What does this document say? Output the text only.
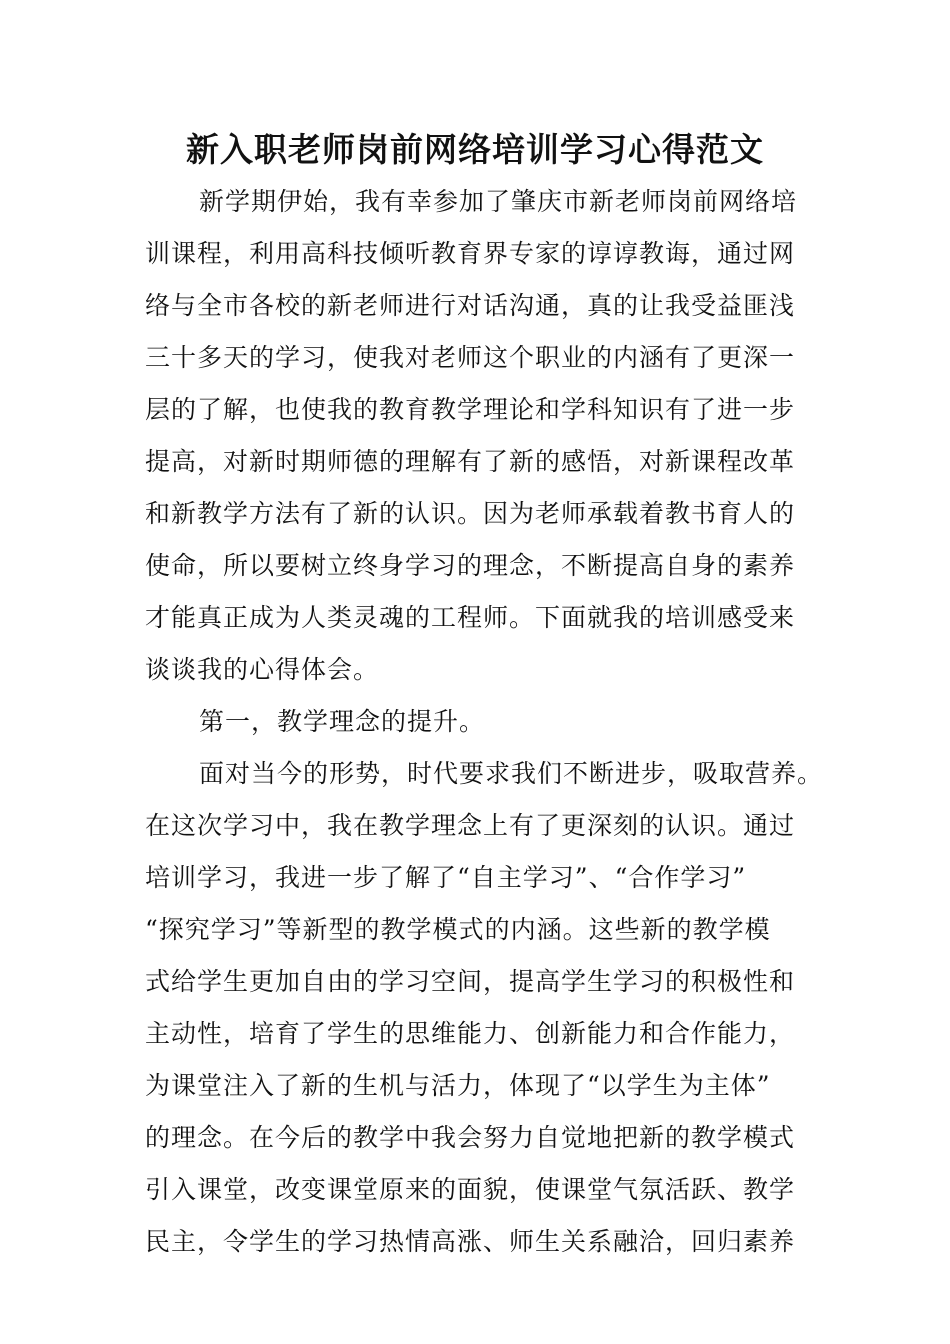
新入职老师岗前网络培训学习心得范文

新学期伊始，我有幸参加了肇庆市新老师岗前网络培

训课程，利用高科技倾听教育界专家的谆谆教诲，通过网

络与全市各校的新老师进行对话沟通，真的让我受益匪浅

三十多天的学习，使我对老师这个职业的内涵有了更深一

层的了解，也使我的教育教学理论和学科知识有了进一步

提高，对新时期师德的理解有了新的感悟，对新课程改革

和新教学方法有了新的认识。因为老师承载着教书育人的

使命，所以要树立终身学习的理念，不断提高自身的素养

才能真正成为人类灵魂的工程师。下面就我的培训感受来

谈谈我的心得体会。

第一，教学理念的提升。

面对当今的形势，时代要求我们不断进步，吸取营养。

在这次学习中，我在教学理念上有了更深刻的认识。通过

培训学习，我进一步了解了“自主学习”、“合作学习”

“探究学习”等新型的教学模式的内涵。这些新的教学模

式给学生更加自由的学习空间，提高学生学习的积极性和

主动性，培育了学生的思维能力、创新能力和合作能力，

为课堂注入了新的生机与活力，体现了“以学生为主体”

的理念。在今后的教学中我会努力自觉地把新的教学模式

引入课堂，改变课堂原来的面貌，使课堂气氛活跃、教学

民主，令学生的学习热情高涨、师生关系融洽，回归素养
